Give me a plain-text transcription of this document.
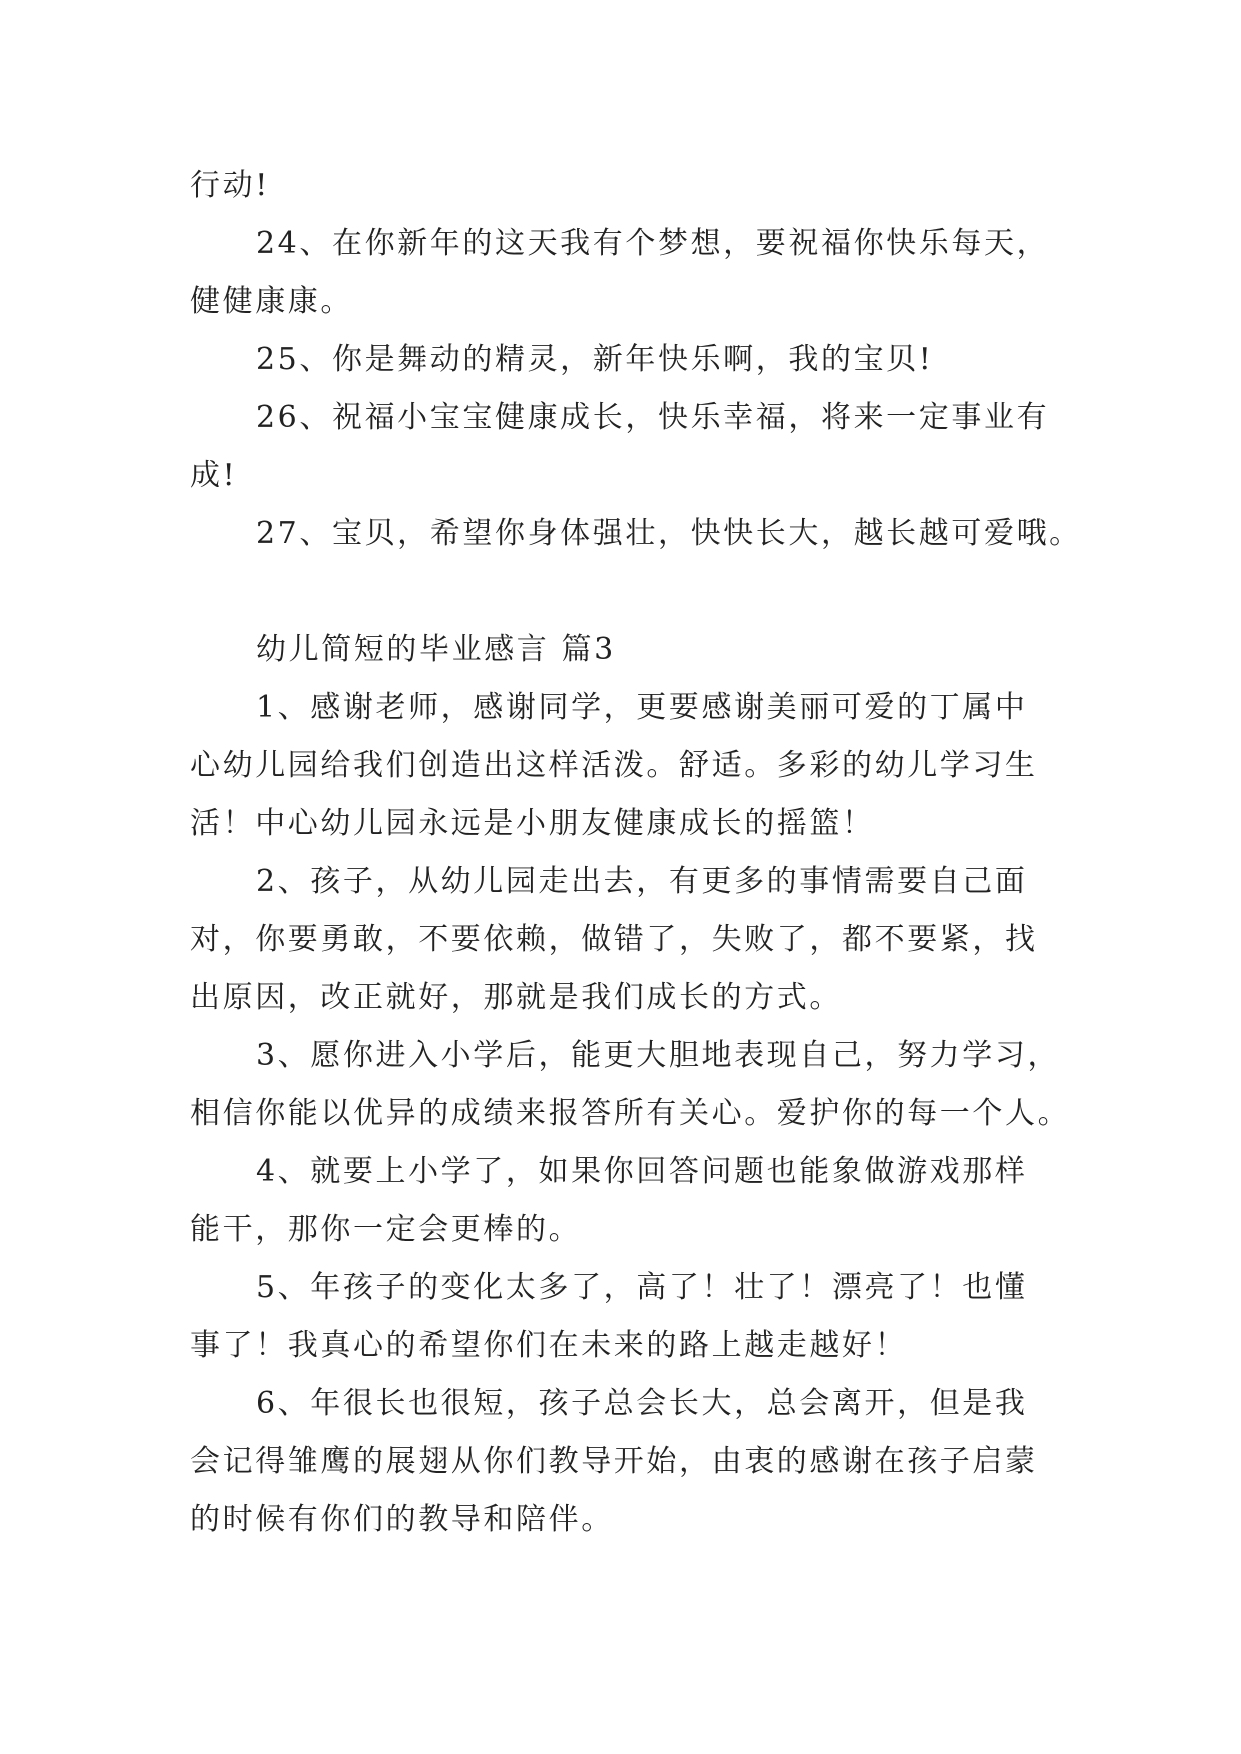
行动!
24、在你新年的这天我有个梦想，要祝福你快乐每天，
健健康康。
25、你是舞动的精灵，新年快乐啊，我的宝贝!
26、祝福小宝宝健康成长，快乐幸福，将来一定事业有
成!
27、宝贝，希望你身体强壮，快快长大，越长越可爱哦。
幼儿简短的毕业感言 篇3
1、感谢老师，感谢同学，更要感谢美丽可爱的丁属中
心幼儿园给我们创造出这样活泼。舒适。多彩的幼儿学习生
活！中心幼儿园永远是小朋友健康成长的摇篮！
2、孩子，从幼儿园走出去，有更多的事情需要自己面
对，你要勇敢，不要依赖，做错了，失败了，都不要紧，找
出原因，改正就好，那就是我们成长的方式。
3、愿你进入小学后，能更大胆地表现自己，努力学习，
相信你能以优异的成绩来报答所有关心。爱护你的每一个人。
4、就要上小学了，如果你回答问题也能象做游戏那样
能干，那你一定会更棒的。
5、年孩子的变化太多了，高了！壮了！漂亮了！也懂
事了！我真心的希望你们在未来的路上越走越好！
6、年很长也很短，孩子总会长大，总会离开，但是我
会记得雏鹰的展翅从你们教导开始，由衷的感谢在孩子启蒙
的时候有你们的教导和陪伴。
